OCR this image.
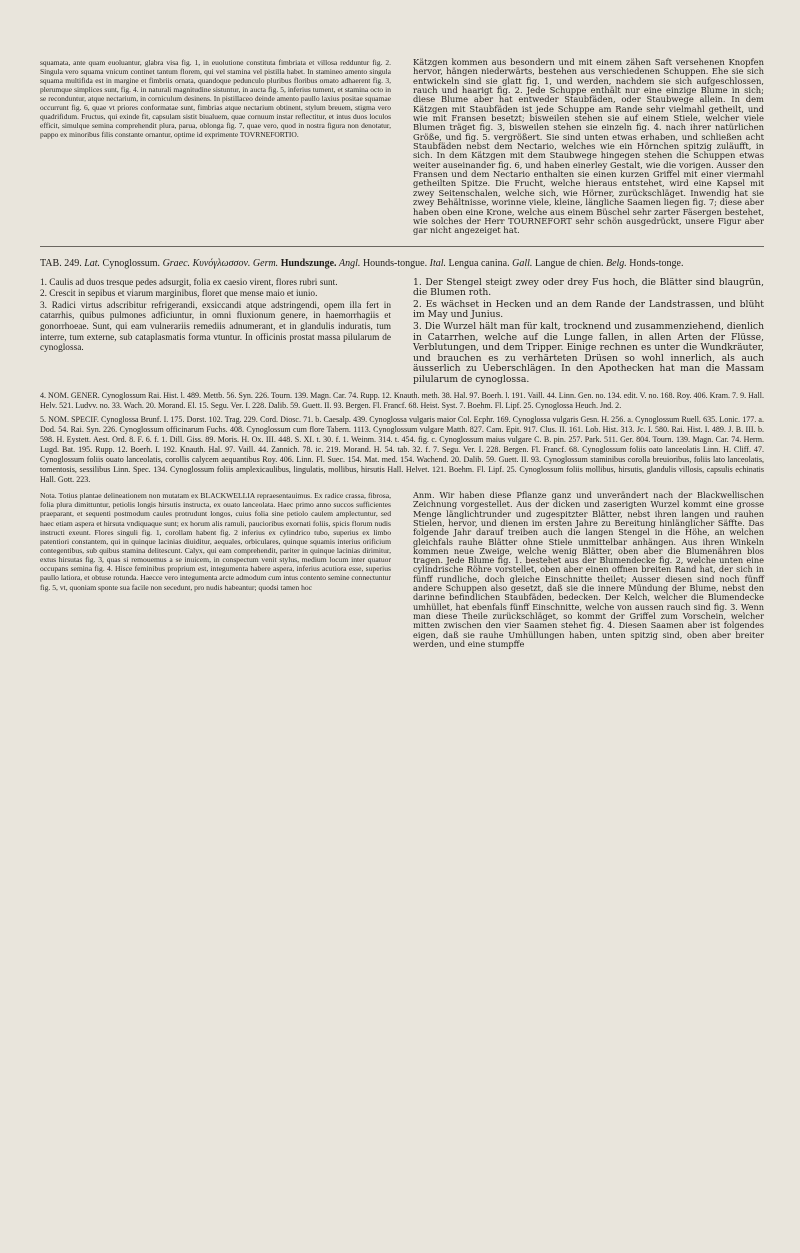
squamata, ante quam euoluantur, glabra visa fig. 1, in euolutione constituta fimbriata et villosa redduntur fig. 2. Singula vero squama vnicum continet tantum florem, qui vel stamina vel pistilla habet. In stamineo amento singula squama multifida est in margine et fimbriis ornata, quandoque pedunculo pluribus floribus ornato adhaerent fig. 3, plerumque simplices sunt, fig. 4. in naturali magnitudine sistuntur, in aucta fig. 5, inferius tument, et stamina octo in se reconduntur, atque nectarium, in corniculum desinens. In pistillaceo deinde amento paullo laxius positae squamae occurrunt fig. 6, quae vt priores conformatae sunt, fimbrias atque nectarium obtinent, stylum breuem, stigma vero quadrifidum. Fructus, qui exinde fit, capsulam sistit biualuem, quae cornuum instar reflectitur, et intus duos loculos efficit, simulque semina comprehendit plura, parua, oblonga fig. 7, quae vero, quod in nostra figura non denotatur, pappo ex minoribus filis constante ornantur, optime id exprimente TOVRNEFORTIO.

Kätzgen kommen aus besondern und mit einem zähen Saft versehenen Knopfen hervor, hängen niederwärts, bestehen aus verschiedenen Schuppen. Ehe sie sich entwickeln sind sie glatt fig. 1, und werden, nachdem sie sich aufgeschlossen, rauch und haarigt fig. 2. Jede Schuppe enthält nur eine einzige Blume in sich; diese Blume aber hat entweder Staubfäden, oder Staubwege allein. In dem Kätzgen mit Staubfäden ist jede Schuppe am Rande sehr vielmahl getheilt, und wie mit Fransen besetzt; bisweilen stehen sie auf einem Stiele, welcher viele Blumen träget fig. 3, bisweilen stehen sie einzeln fig. 4. nach ihrer natürlichen Größe, und fig. 5. vergrößert. Sie sind unten etwas erhaben, und schließen acht Staubfäden nebst dem Nectario, welches wie ein Hörnchen spitzig zuläufft, in sich. In dem Kätzgen mit dem Staubwege hingegen stehen die Schuppen etwas weiter auseinander fig. 6, und haben einerley Gestalt, wie die vorigen. Ausser den Fransen und dem Nectario enthalten sie einen kurzen Griffel mit einer viermahl getheilten Spitze. Die Frucht, welche hieraus entstehet, wird eine Kapsel mit zwey Seitenschalen, welche sich, wie Hörner, zurückschläget. Inwendig hat sie zwey Behältnisse, worinne viele, kleine, längliche Saamen liegen fig. 7; diese aber haben oben eine Krone, welche aus einem Büschel sehr zarter Fäsergen bestehet, wie solches der Herr TOURNEFORT sehr schön ausgedrückt, unsere Figur aber gar nicht angezeiget hat.

TAB. 249. Lat. Cynoglossum. Graec. Κυνόγλωσσον. Germ. Hundszunge. Angl. Hounds-tongue. Ital. Lengua canina. Gall. Langue de chien. Belg. Honds-tonge.

1. Caulis ad duos tresque pedes adsurgit, folia ex caesio virent, flores rubri sunt.

2. Crescit in sepibus et viarum marginibus, floret que mense maio et iunio.

3. Radici virtus adscribitur refrigerandi, exsiccandi atque adstringendi, opem illa fert in catarrhis, quibus pulmones adficiuntur, in omni fluxionum genere, in haemorrhagiis et gonorrhoeae. Sunt, qui eam vulnerariis remediis adnumerant, et in glandulis induratis, tum interre, tum externe, sub cataplasmatis forma vtuntur. In officinis prostat massa pilularum de cynoglossa.

1. Der Stengel steigt zwey oder drey Fus hoch, die Blätter sind blaugrün, die Blumen roth.

2. Es wächset in Hecken und an dem Rande der Landstrassen, und blüht im May und Junius.

3. Die Wurzel hält man für kalt, trocknend und zusammenziehend, dienlich in Catarrhen, welche auf die Lunge fallen, in allen Arten der Flüsse, Verblutungen, und dem Tripper. Einige rechnen es unter die Wundkräuter, und brauchen es zu verhärteten Drüsen so wohl innerlich, als auch äusserlich zu Ueberschlägen. In den Apothecken hat man die Massam pilularum de cynoglossa.

4. NOM. GENER. Cynoglossum Rai. Hist. l. 489. Mettb. 56. Syn. 226. Tourn. 139. Magn. Car. 74. Rupp. 12. Knauth. meth. 38. Hal. 97. Boerh. l. 191. Vaill. 44. Linn. Gen. no. 134. edit. V. no. 168. Roy. 406. Kram. 7. 9. Hall. Helv. 521. Ludvv. no. 33. Wach. 20. Morand. El. 15. Segu. Ver. I. 228. Dalib. 59. Guett. II. 93. Bergen. Fl. Francf. 68. Heist. Syst. 7. Boehm. Fl. Lipf. 25. Cynoglossa Heuch. Jnd. 2.

5. NOM. SPECIF. Cynoglossa Brunf. I. 175. Dorst. 102. Trag. 229. Cord. Diosc. 71. b. Caesalp. 439. Cynoglossa vulgaris maior Col. Ecphr. 169. Cynoglossa vulgaris Gesn. H. 256. a. Cynoglossum Ruell. 635. Lonic. 177. a. Dod. 54. Rai. Syn. 226. Cynoglossum officinarum Fuchs. 408. Cynoglossum cum flore Tabern. 1113. Cynoglossum vulgare Matth. 827. Cam. Epit. 917. Clus. II. 161. Lob. Hist. 313. Jc. I. 580. Rai. Hist. I. 489. J. B. III. b. 598. H. Eystett. Aest. Ord. 8. F. 6. f. 1. Dill. Giss. 89. Moris. H. Ox. III. 448. S. XI. t. 30. f. 1. Weinm. 314. t. 454. fig. c. Cynoglossum maius vulgare C. B. pin. 257. Park. 511. Ger. 804. Tourn. 139. Magn. Car. 74. Herm. Lugd. Bat. 195. Rupp. 12. Boerh. I. 192. Knauth. Hal. 97. Vaill. 44. Zannich. 78. ic. 219. Morand. H. 54. tab. 32. f. 7. Segu. Ver. I. 228. Bergen. Fl. Francf. 68. Cynoglossum foliis oato lanceolatis Linn. H. Cliff. 47. Cynoglossum foliis ouato lanceolatis, corollis calycem aequantibus Roy. 406. Linn. Fl. Suec. 154. Mat. med. 154. Wachend. 20. Dalib. 59. Guett. II. 93. Cynoglossum staminibus corolla breuioribus, foliis lato lanceolatis, tomentosis, sessilibus Linn. Spec. 134. Cynoglossum foliis amplexicaulibus, lingulatis, mollibus, hirsutis Hall. Helvet. 121. Boehm. Fl. Lipf. 25. Cynoglossum foliis mollibus, hirsutis, glandulis villosis, capsulis echinatis Hall. Gott. 223.

Nota. Totius plantae delineationem non mutatam ex BLACKWELLIA repraesentauimus. Ex radice crassa, fibrosa, folia plura dimittuntur, petiolis longis hirsutis instructa, ex ouato lanceolata. Haec primo anno succos sufficientes praeparant, et sequenti postmodum caules protrudunt longos, cuius folia sine petiolo caulem amplectuntur, sed haec etiam aspera et hirsuta vndiquaque sunt; ex horum alis ramuli, paucioribus exornati foliis, spicis florum nudis instructi exeunt. Flores singuli fig. 1, corollam habent fig. 2 inferius ex cylindrico tubo, superius ex limbo patentiori constantem, qui in quinque lacinias diuiditur, aequales, orbiculares, quinque squamis interius orificium contegentibus, sub quibus stamina delitescunt. Calyx, qui eam comprehendit, pariter in quinque lacinias dirimitur, extus hirsutas fig. 3, quas si remouemus a se inuicem, in conspectum venit stylus, medium locum inter quatuor occupans semina fig. 4. Hisce feminibus proprium est, integumenta habere aspera, inferius acutiora esse, superius paullo latiora, et obtuse rotunda. Haecce vero integumenta arcte admodum cum intus contento semine conneсtuntur fig. 5, vt, quoniam sponte sua facile non secedunt, pro nudis habeantur; quodsi tamen hoc

Anm. Wir haben diese Pflanze ganz und unverändert nach der Blackwellischen Zeichnung vorgestellet. Aus der dicken und zaserigten Wurzel kommt eine grosse Menge länglichtrunder und zugespitzter Blätter, nebst ihren langen und rauhen Stielen, hervor, und dienen im ersten Jahre zu Bereitung hinlänglicher Säffte. Das folgende Jahr darauf treiben auch die langen Stengel in die Höhe, an welchen gleichfals rauhe Blätter ohne Stiele unmittelbar anhängen. Aus ihren Winkeln kommen neue Zweige, welche wenig Blätter, oben aber die Blumenähren blos tragen. Jede Blume fig. 1. bestehet aus der Blumendecke fig. 2, welche unten eine cylindrische Röhre vorstellet, oben aber einen offnen breiten Rand hat, der sich in fünff rundliche, doch gleiche Einschnitte theilet; Ausser diesen sind noch fünff andere Schuppen also gesetzt, daß sie die innere Mündung der Blume, nebst den darinne befindlichen Staubfäden, bedecken. Der Kelch, welcher die Blumendecke umhüllet, hat ebenfals fünff Einschnitte, welche von aussen rauch sind fig. 3. Wenn man diese Theile zurückschläget, so kommt der Griffel zum Vorschein, welcher mitten zwischen den vier Saamen stehet fig. 4. Diesen Saamen aber ist folgendes eigen, daß sie rauhe Umhüllungen haben, unten spitzig sind, oben aber breiter werden, und eine stumpffe
